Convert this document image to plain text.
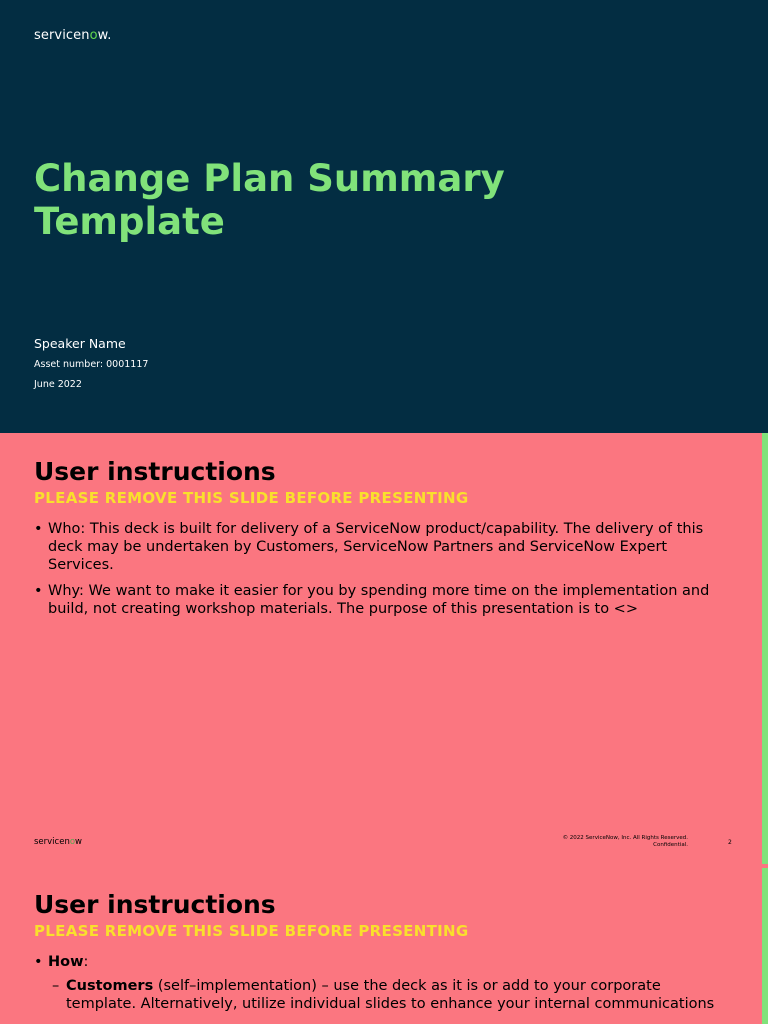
servicenow.
Change Plan Summary Template
Speaker Name
Asset number: 0001117
June 2022
User instructions
PLEASE REMOVE THIS SLIDE BEFORE PRESENTING
• Who: This deck is built for delivery of a ServiceNow product/capability. The delivery of this deck may be undertaken by Customers, ServiceNow Partners and ServiceNow Expert Services.
• Why: We want to make it easier for you by spending more time on the implementation and build, not creating workshop materials. The purpose of this presentation is to <>
servicenow	© 2022 ServiceNow, Inc. All Rights Reserved.
Confidential.	2
User instructions
PLEASE REMOVE THIS SLIDE BEFORE PRESENTING
• How:
– Customers (self–implementation) – use the deck as it is or add to your corporate template. Alternatively, utilize individual slides to enhance your internal communications
